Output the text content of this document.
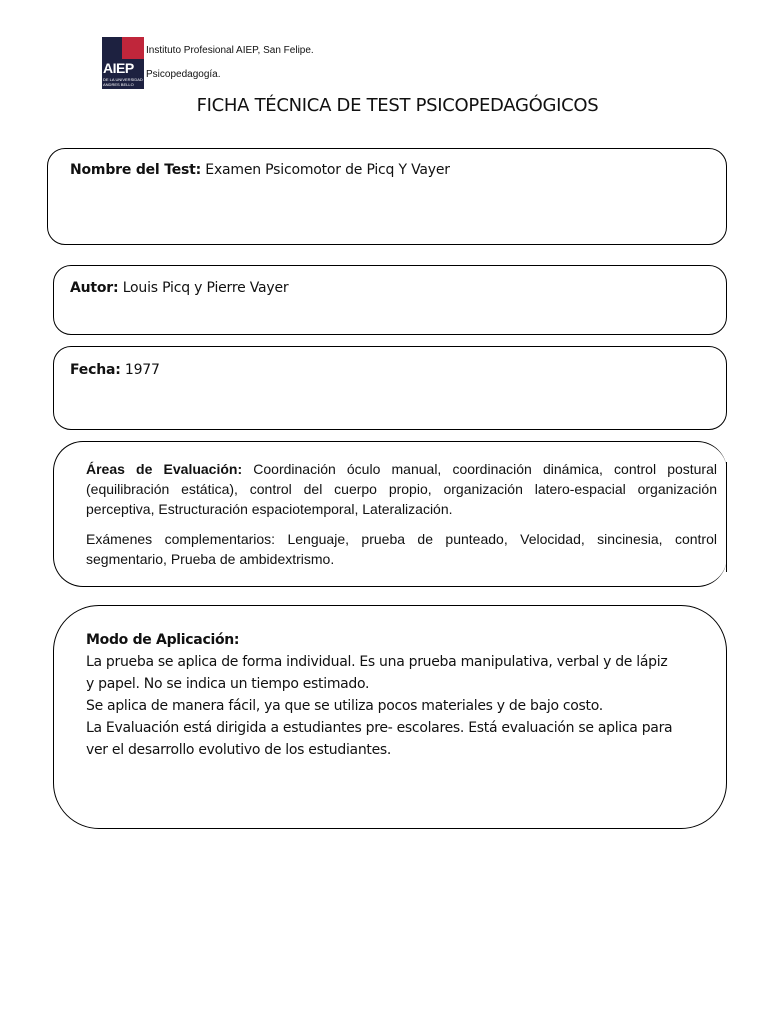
AIEP
DE LA UNIVERSIDAD ANDRES BELLO
Instituto Profesional AIEP, San Felipe.
Psicopedagogía.
FICHA TÉCNICA DE TEST PSICOPEDAGÓGICOS
Nombre del Test: Examen Psicomotor de Picq Y Vayer
Autor: Louis Picq y Pierre Vayer
Fecha: 1977

Áreas de Evaluación: Coordinación óculo manual, coordinación dinámica, control postural (equilibración estática), control del cuerpo propio, organización latero-espacial organización perceptiva, Estructuración espaciotemporal, Lateralización.

Exámenes complementarios: Lenguaje, prueba de punteado, Velocidad, sincinesia, control segmentario, Prueba de ambidextrismo.

Modo de Aplicación:
La prueba se aplica de forma individual. Es una prueba manipulativa, verbal y de lápiz
y papel. No se indica un tiempo estimado.
Se aplica de manera fácil, ya que se utiliza pocos materiales y de bajo costo.
La Evaluación está dirigida a estudiantes pre- escolares. Está evaluación se aplica para
ver el desarrollo evolutivo de los estudiantes.
